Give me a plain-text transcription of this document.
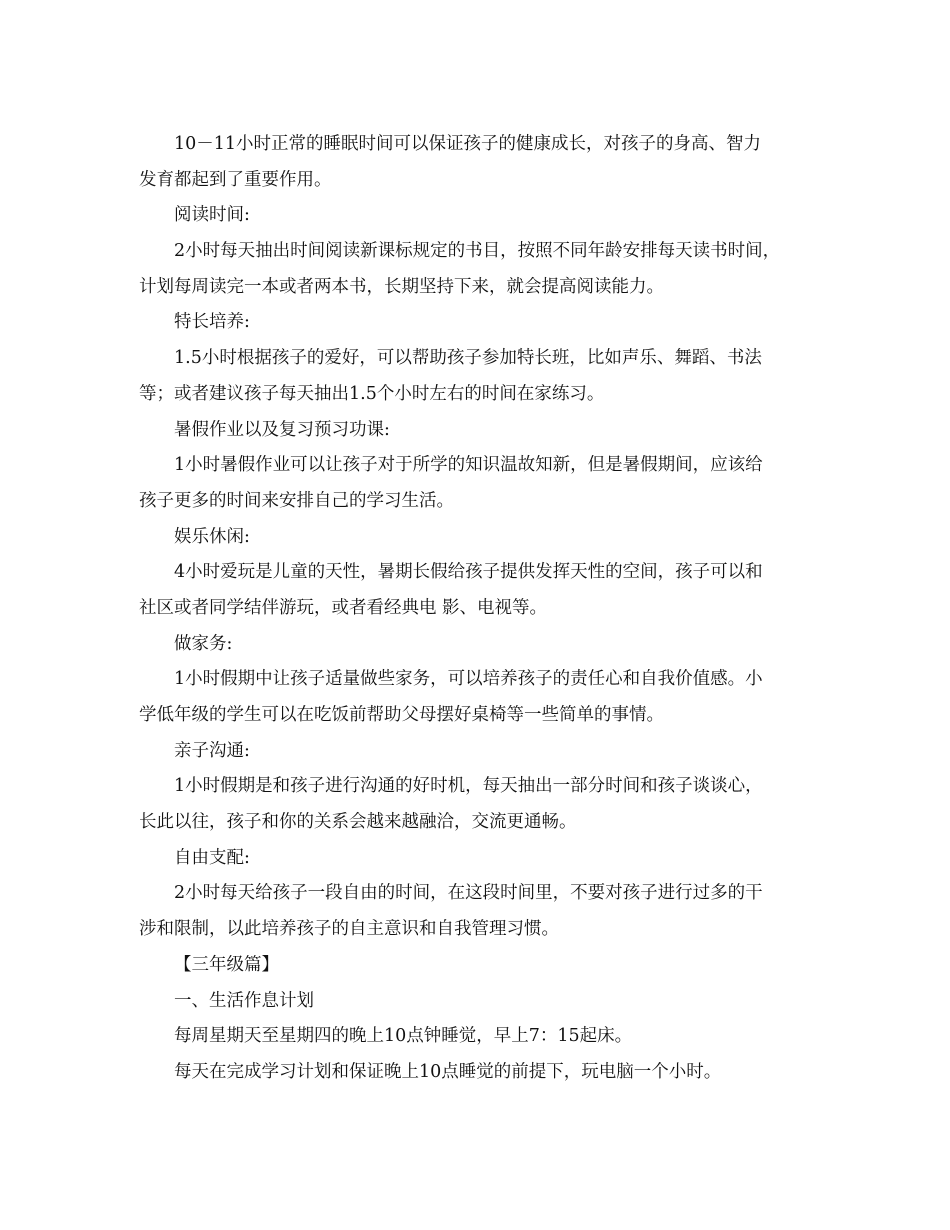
10－11小时正常的睡眠时间可以保证孩子的健康成长，对孩子的身高、智力
发育都起到了重要作用。
阅读时间:
2小时每天抽出时间阅读新课标规定的书目，按照不同年龄安排每天读书时间，
计划每周读完一本或者两本书，长期坚持下来，就会提高阅读能力。
特长培养:
1.5小时根据孩子的爱好，可以帮助孩子参加特长班，比如声乐、舞蹈、书法
等；或者建议孩子每天抽出1.5个小时左右的时间在家练习。
暑假作业以及复习预习功课:
1小时暑假作业可以让孩子对于所学的知识温故知新，但是暑假期间，应该给
孩子更多的时间来安排自己的学习生活。
娱乐休闲:
4小时爱玩是儿童的天性，暑期长假给孩子提供发挥天性的空间，孩子可以和
社区或者同学结伴游玩，或者看经典电 影、电视等。
做家务:
1小时假期中让孩子适量做些家务，可以培养孩子的责任心和自我价值感。小
学低年级的学生可以在吃饭前帮助父母摆好桌椅等一些简单的事情。
亲子沟通:
1小时假期是和孩子进行沟通的好时机，每天抽出一部分时间和孩子谈谈心，
长此以往，孩子和你的关系会越来越融洽，交流更通畅。
自由支配:
2小时每天给孩子一段自由的时间，在这段时间里，不要对孩子进行过多的干
涉和限制，以此培养孩子的自主意识和自我管理习惯。
【三年级篇】
一、生活作息计划
每周星期天至星期四的晚上10点钟睡觉，早上7：15起床。
每天在完成学习计划和保证晚上10点睡觉的前提下，玩电脑一个小时。
